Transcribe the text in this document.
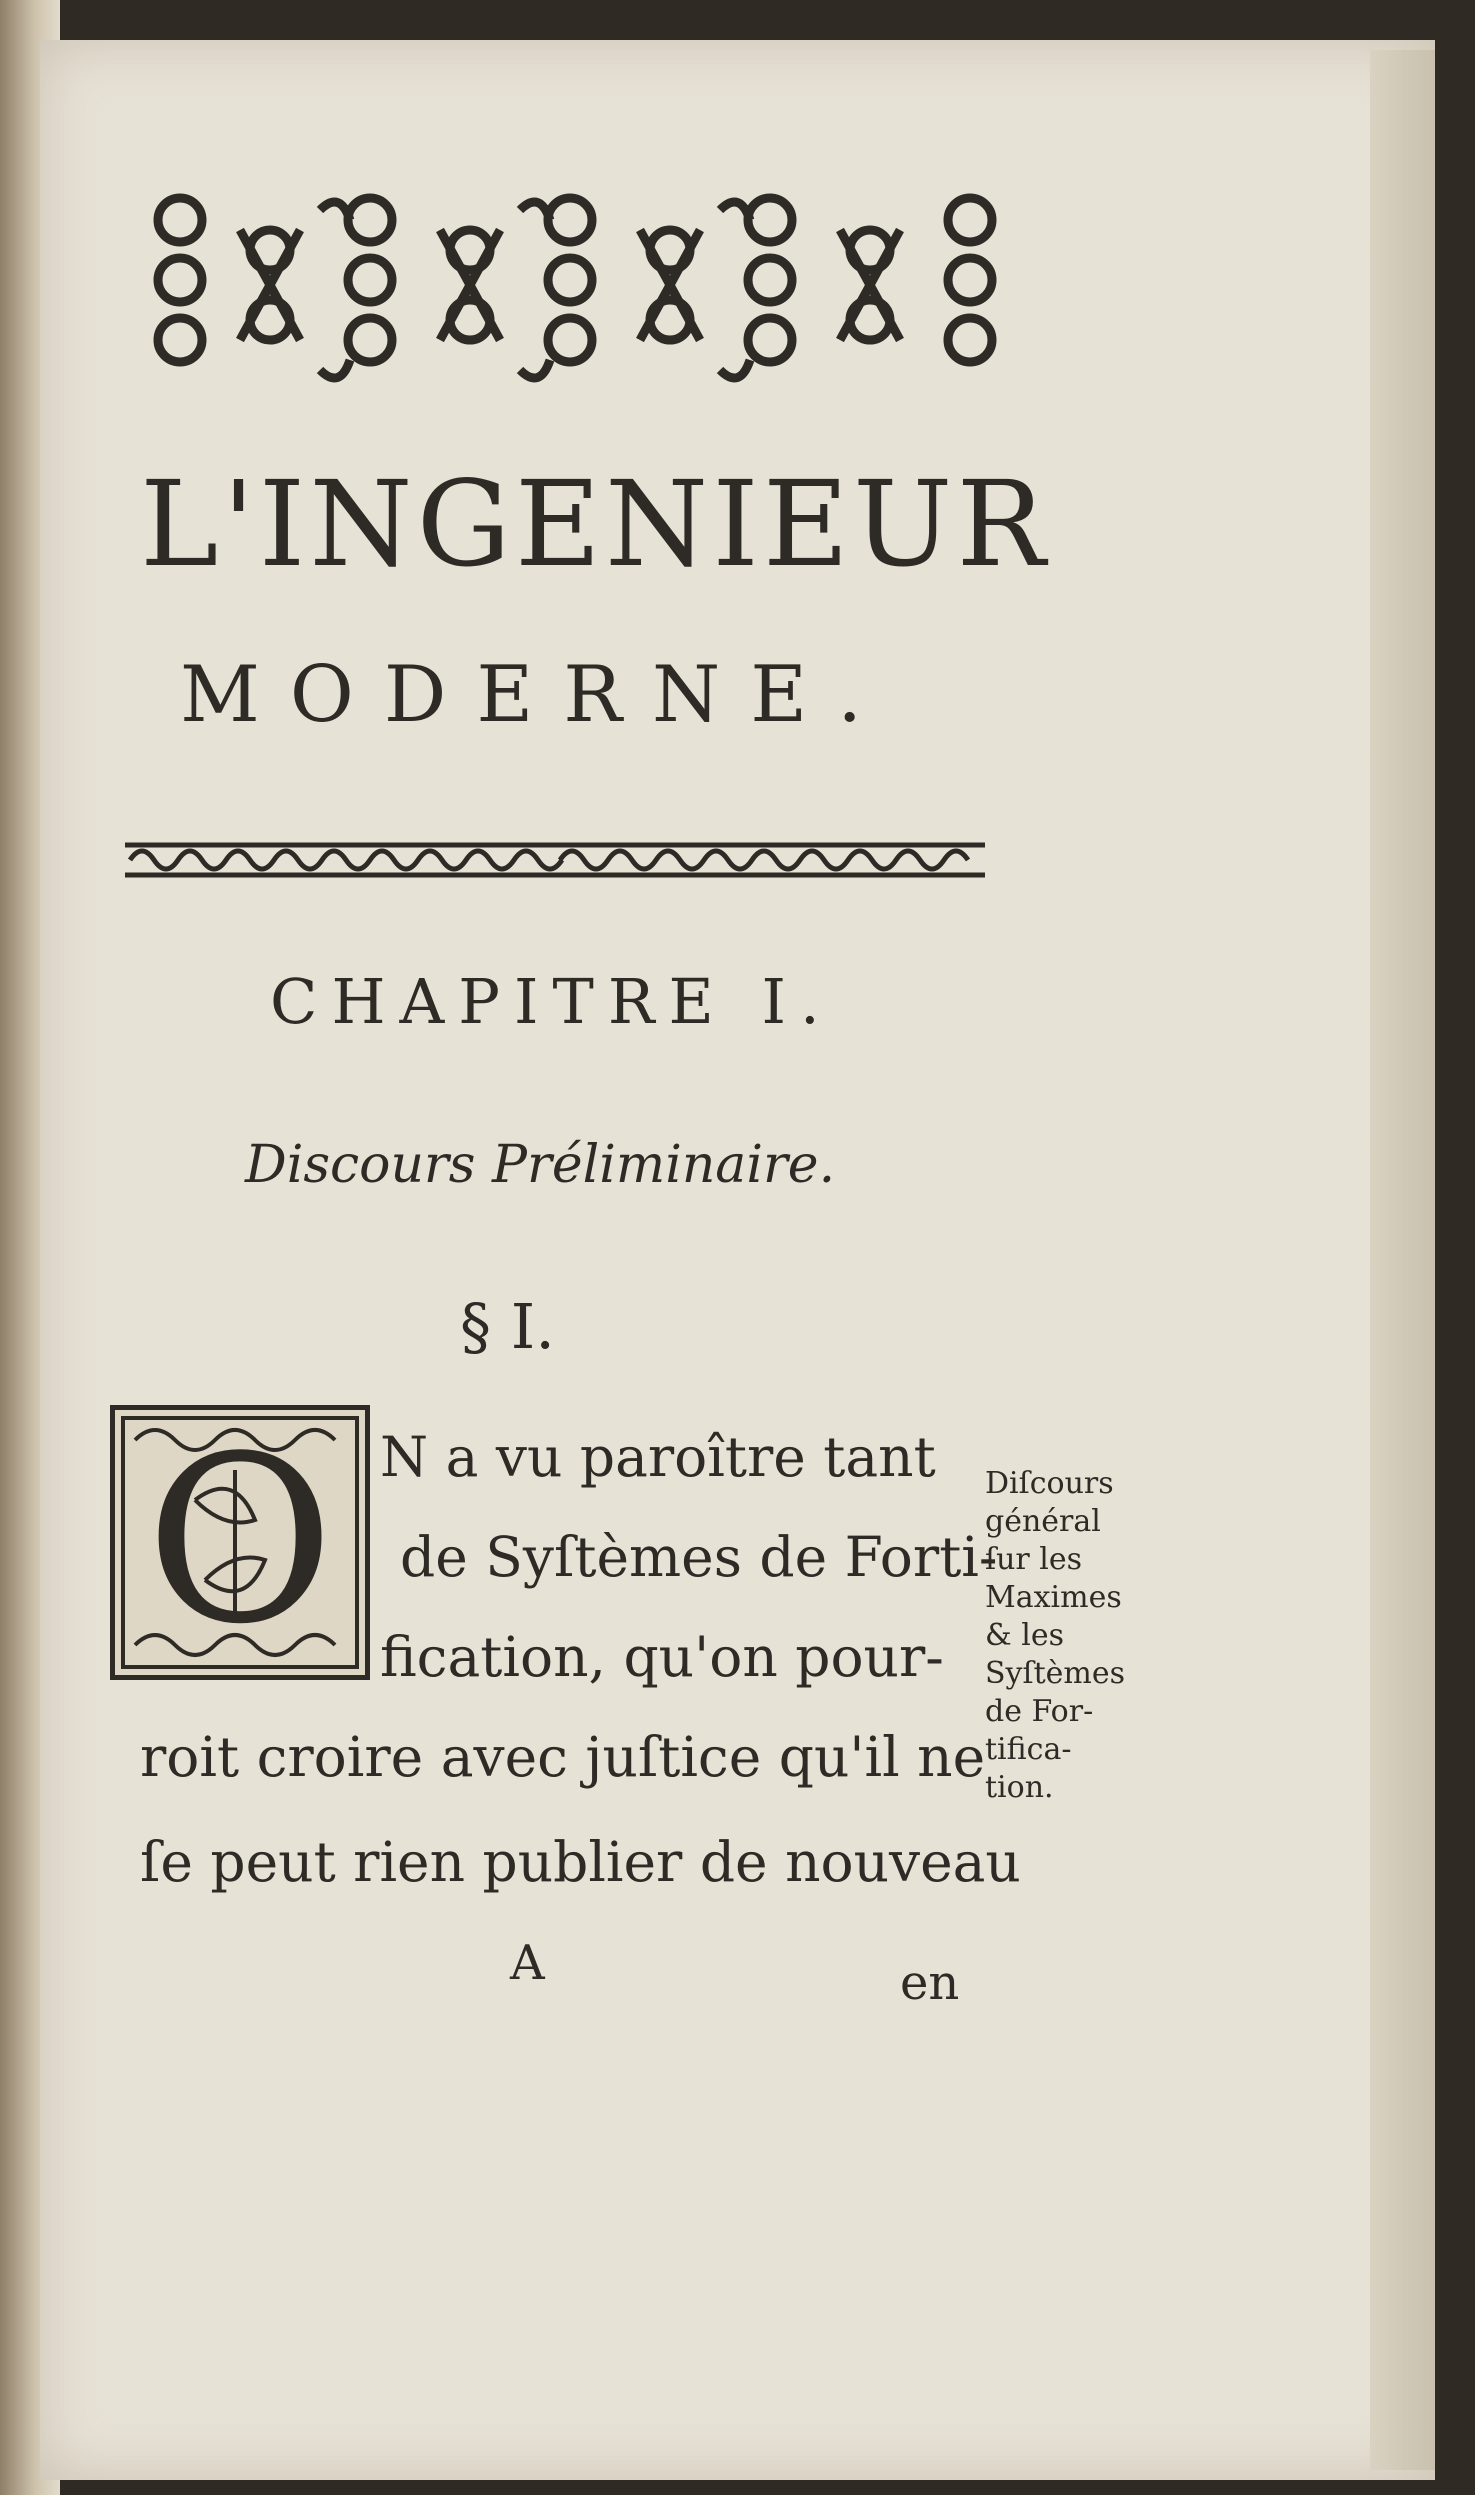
L'INGENIEUR
MODERNE.
CHAPITRE I.
Discours Préliminaire.
§ I.
O N a vu paroître tant
de Syſtèmes de Forti-
fication, qu'on pour-
roit croire avec juſtice qu'il ne
ſe peut rien publier de nouveau
Diſcours
général
ſur les
Maximes
& les
Syſtèmes
de For-
tifica-
tion.
A	en
